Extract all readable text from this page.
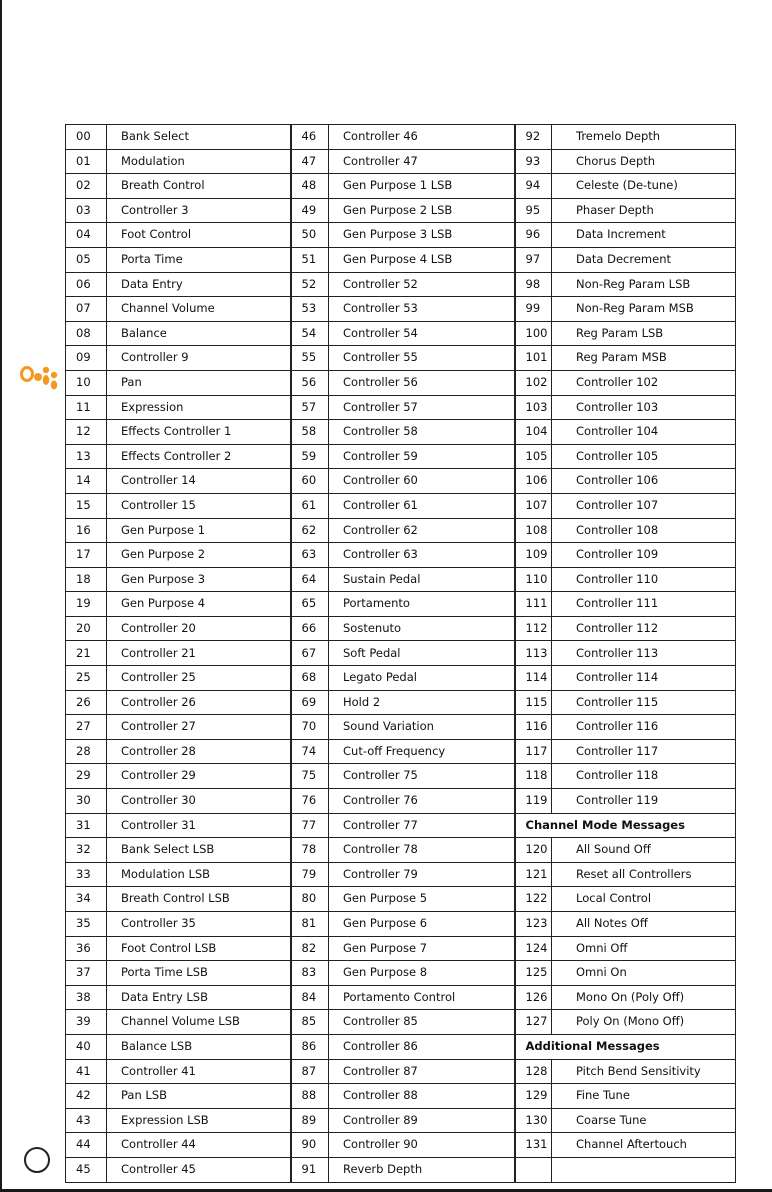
00	Bank Select	46	Controller 46	92	Tremelo Depth
01	Modulation	47	Controller 47	93	Chorus Depth
02	Breath Control	48	Gen Purpose 1 LSB	94	Celeste (De-tune)
03	Controller 3	49	Gen Purpose 2 LSB	95	Phaser Depth
04	Foot Control	50	Gen Purpose 3 LSB	96	Data Increment
05	Porta Time	51	Gen Purpose 4 LSB	97	Data Decrement
06	Data Entry	52	Controller 52	98	Non-Reg Param LSB
07	Channel Volume	53	Controller 53	99	Non-Reg Param MSB
08	Balance	54	Controller 54	100	Reg Param LSB
09	Controller 9	55	Controller 55	101	Reg Param MSB
10	Pan	56	Controller 56	102	Controller 102
11	Expression	57	Controller 57	103	Controller 103
12	Effects Controller 1	58	Controller 58	104	Controller 104
13	Effects Controller 2	59	Controller 59	105	Controller 105
14	Controller 14	60	Controller 60	106	Controller 106
15	Controller 15	61	Controller 61	107	Controller 107
16	Gen Purpose 1	62	Controller 62	108	Controller 108
17	Gen Purpose 2	63	Controller 63	109	Controller 109
18	Gen Purpose 3	64	Sustain Pedal	110	Controller 110
19	Gen Purpose 4	65	Portamento	111	Controller 111
20	Controller 20	66	Sostenuto	112	Controller 112
21	Controller 21	67	Soft Pedal	113	Controller 113
25	Controller 25	68	Legato Pedal	114	Controller 114
26	Controller 26	69	Hold 2	115	Controller 115
27	Controller 27	70	Sound Variation	116	Controller 116
28	Controller 28	74	Cut-off Frequency	117	Controller 117
29	Controller 29	75	Controller 75	118	Controller 118
30	Controller 30	76	Controller 76	119	Controller 119
31	Controller 31	77	Controller 77	Channel Mode Messages	
32	Bank Select LSB	78	Controller 78	120	All Sound Off
33	Modulation LSB	79	Controller 79	121	Reset all Controllers
34	Breath Control LSB	80	Gen Purpose 5	122	Local Control
35	Controller 35	81	Gen Purpose 6	123	All Notes Off
36	Foot Control LSB	82	Gen Purpose 7	124	Omni Off
37	Porta Time LSB	83	Gen Purpose 8	125	Omni On
38	Data Entry LSB	84	Portamento Control	126	Mono On (Poly Off)
39	Channel Volume LSB	85	Controller 85	127	Poly On (Mono Off)
40	Balance LSB	86	Controller 86	Additional Messages	
41	Controller 41	87	Controller 87	128	Pitch Bend Sensitivity
42	Pan LSB	88	Controller 88	129	Fine Tune
43	Expression LSB	89	Controller 89	130	Coarse Tune
44	Controller 44	90	Controller 90	131	Channel Aftertouch
45	Controller 45	91	Reverb Depth		
